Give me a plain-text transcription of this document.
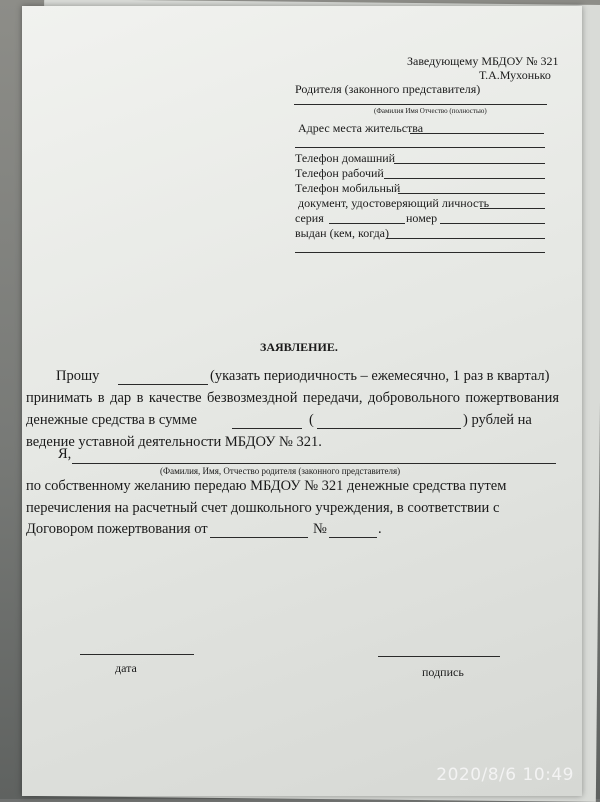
Заведующему МБДОУ № 321
Т.А.Мухонько
Родителя (законного представителя)
(Фамилия Имя Отчество (полностью)
Адрес места жительства
Телефон домашний
Телефон рабочий
Телефон мобильный
документ, удостоверяющий личность
серия	номер
выдан (кем, когда)
ЗАЯВЛЕНИЕ.
Прошу	(указать периодичность – ежемесячно, 1 раз в квартал)
принимать в дар в качестве безвозмездной передачи, добровольного пожертвования
денежные средства в сумме	(	) рублей на
ведение уставной деятельности МБДОУ № 321.
Я,
(Фамилия, Имя, Отчество родителя (законного представителя)
по собственному желанию передаю МБДОУ № 321 денежные средства путем
перечисления на расчетный счет дошкольного учреждения, в соответствии с
Договором пожертвования от	№	.
дата	подпись
2020/8/6 10:49
